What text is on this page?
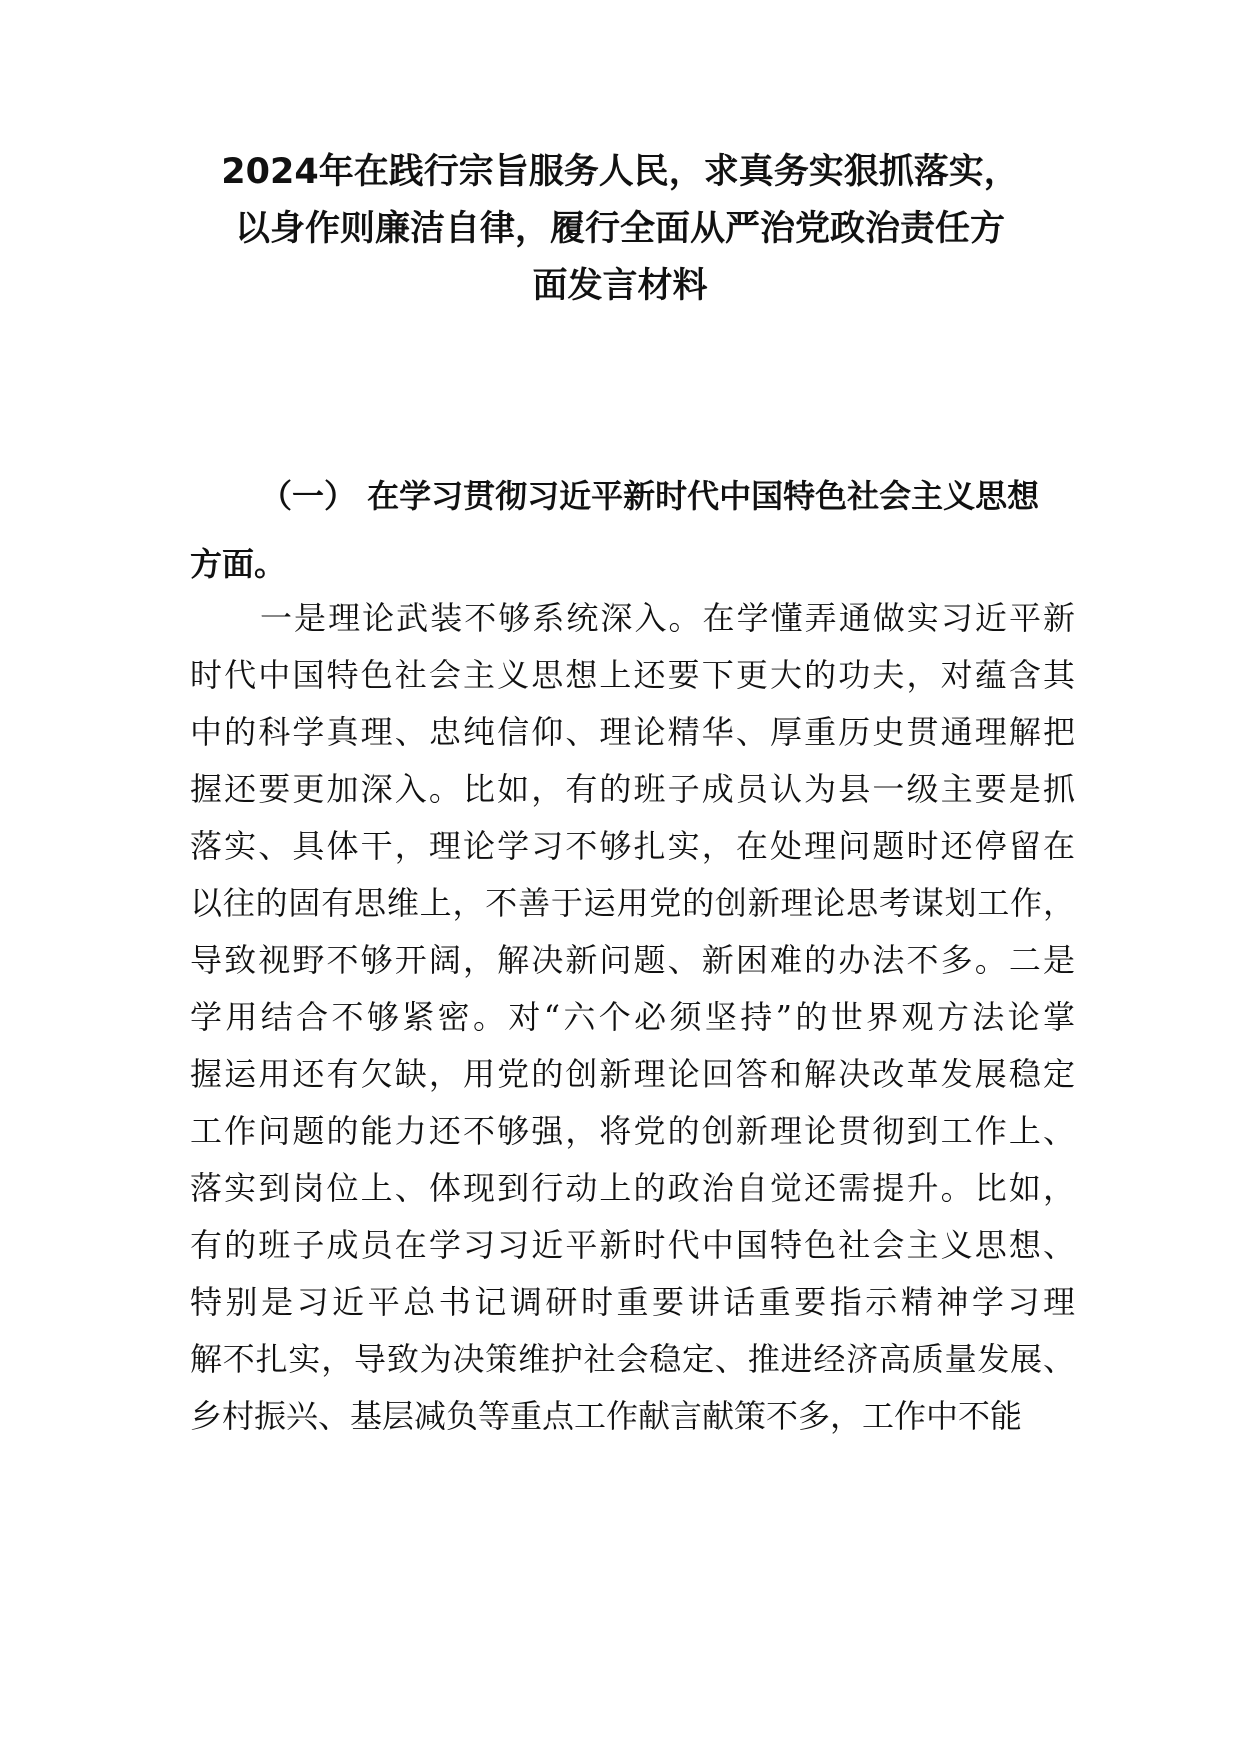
2024年在践行宗旨服务人民，求真务实狠抓落实，
以身作则廉洁自律，履行全面从严治党政治责任方
面发言材料
（一） 在学习贯彻习近平新时代中国特色社会主义思想方面。
一是理论武装不够系统深入。在学懂弄通做实习近平新
时代中国特色社会主义思想上还要下更大的功夫，对蕴含其
中的科学真理、忠纯信仰、理论精华、厚重历史贯通理解把
握还要更加深入。比如，有的班子成员认为县一级主要是抓
落实、具体干，理论学习不够扎实，在处理问题时还停留在
以往的固有思维上，不善于运用党的创新理论思考谋划工作，
导致视野不够开阔，解决新问题、新困难的办法不多。二是
学用结合不够紧密。对“六个必须坚持”的世界观方法论掌
握运用还有欠缺，用党的创新理论回答和解决改革发展稳定
工作问题的能力还不够强，将党的创新理论贯彻到工作上、
落实到岗位上、体现到行动上的政治自觉还需提升。比如，
有的班子成员在学习习近平新时代中国特色社会主义思想、
特别是习近平总书记调研时重要讲话重要指示精神学习理
解不扎实，导致为决策维护社会稳定、推进经济高质量发展、
乡村振兴、基层减负等重点工作献言献策不多，工作中不能
